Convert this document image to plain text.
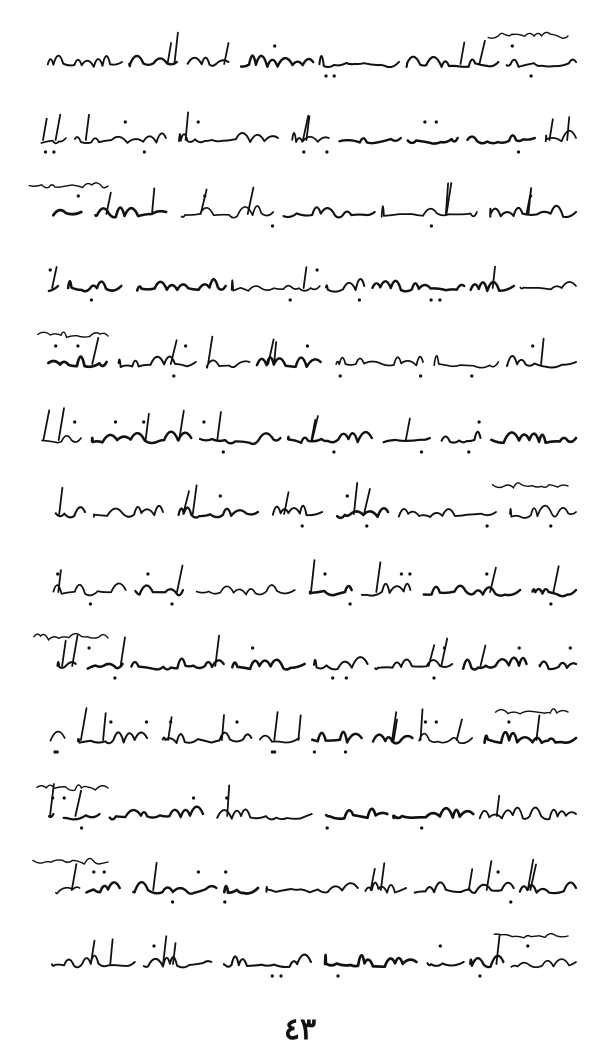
٤٣
